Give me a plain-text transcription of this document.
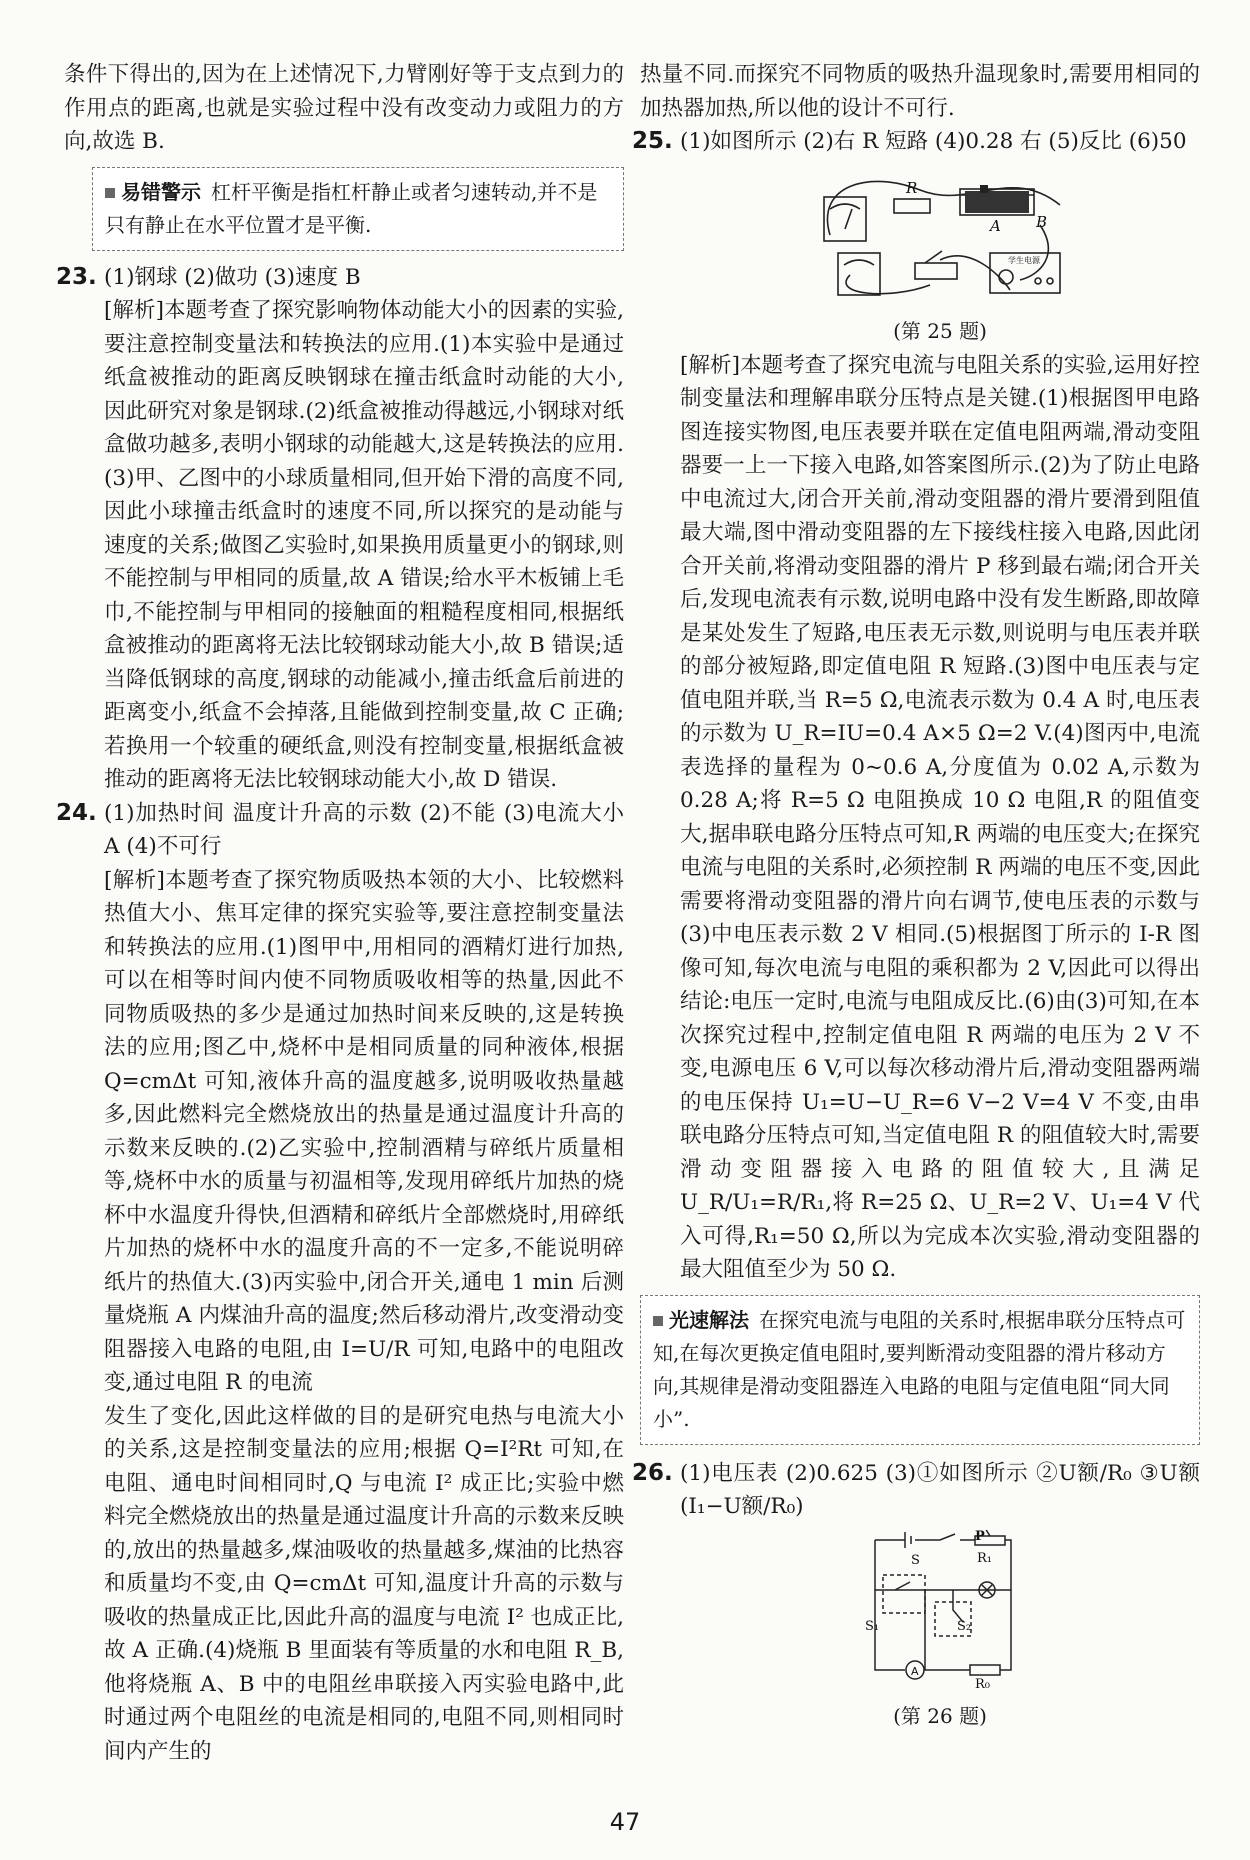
条件下得出的,因为在上述情况下,力臂刚好等于支点到力的作用点的距离,也就是实验过程中没有改变动力或阻力的方向,故选 B.

易错警示 杠杆平衡是指杠杆静止或者匀速转动,并不是只有静止在水平位置才是平衡.
23. (1)钢球 (2)做功 (3)速度 B

[解析]本题考查了探究影响物体动能大小的因素的实验,要注意控制变量法和转换法的应用.(1)本实验中是通过纸盒被推动的距离反映钢球在撞击纸盒时动能的大小,因此研究对象是钢球.(2)纸盒被推动得越远,小钢球对纸盒做功越多,表明小钢球的动能越大,这是转换法的应用.(3)甲、乙图中的小球质量相同,但开始下滑的高度不同,因此小球撞击纸盒时的速度不同,所以探究的是动能与速度的关系;做图乙实验时,如果换用质量更小的钢球,则不能控制与甲相同的质量,故 A 错误;给水平木板铺上毛巾,不能控制与甲相同的接触面的粗糙程度相同,根据纸盒被推动的距离将无法比较钢球动能大小,故 B 错误;适当降低钢球的高度,钢球的动能减小,撞击纸盒后前进的距离变小,纸盒不会掉落,且能做到控制变量,故 C 正确;若换用一个较重的硬纸盒,则没有控制变量,根据纸盒被推动的距离将无法比较钢球动能大小,故 D 错误.

24. (1)加热时间 温度计升高的示数 (2)不能 (3)电流大小 A (4)不可行

[解析]本题考查了探究物质吸热本领的大小、比较燃料热值大小、焦耳定律的探究实验等,要注意控制变量法和转换法的应用.(1)图甲中,用相同的酒精灯进行加热,可以在相等时间内使不同物质吸收相等的热量,因此不同物质吸热的多少是通过加热时间来反映的,这是转换法的应用;图乙中,烧杯中是相同质量的同种液体,根据 Q=cmΔt 可知,液体升高的温度越多,说明吸收热量越多,因此燃料完全燃烧放出的热量是通过温度计升高的示数来反映的.(2)乙实验中,控制酒精与碎纸片质量相等,烧杯中水的质量与初温相等,发现用碎纸片加热的烧杯中水温度升得快,但酒精和碎纸片全部燃烧时,用碎纸片加热的烧杯中水的温度升高的不一定多,不能说明碎纸片的热值大.(3)丙实验中,闭合开关,通电 1 min 后测量烧瓶 A 内煤油升高的温度;然后移动滑片,改变滑动变阻器接入电路的电阻,由 I=U/R 可知,电路中的电阻改变,通过电阻 R 的电流

发生了变化,因此这样做的目的是研究电热与电流大小的关系,这是控制变量法的应用;根据 Q=I²Rt 可知,在电阻、通电时间相同时,Q 与电流 I² 成正比;实验中燃料完全燃烧放出的热量是通过温度计升高的示数来反映的,放出的热量越多,煤油吸收的热量越多,煤油的比热容和质量均不变,由 Q=cmΔt 可知,温度计升高的示数与吸收的热量成正比,因此升高的温度与电流 I² 也成正比,故 A 正确.(4)烧瓶 B 里面装有等质量的水和电阻 R_B,他将烧瓶 A、B 中的电阻丝串联接入丙实验电路中,此时通过两个电阻丝的电流是相同的,电阻不同,则相同时间内产生的

热量不同.而探究不同物质的吸热升温现象时,需要用相同的加热器加热,所以他的设计不可行.

25. (1)如图所示 (2)右 R 短路 (4)0.28 右 (5)反比 (6)50

R
A B
学生电源
(第 25 题)

[解析]本题考查了探究电流与电阻关系的实验,运用好控制变量法和理解串联分压特点是关键.(1)根据图甲电路图连接实物图,电压表要并联在定值电阻两端,滑动变阻器要一上一下接入电路,如答案图所示.(2)为了防止电路中电流过大,闭合开关前,滑动变阻器的滑片要滑到阻值最大端,图中滑动变阻器的左下接线柱接入电路,因此闭合开关前,将滑动变阻器的滑片 P 移到最右端;闭合开关后,发现电流表有示数,说明电路中没有发生断路,即故障是某处发生了短路,电压表无示数,则说明与电压表并联的部分被短路,即定值电阻 R 短路.(3)图中电压表与定值电阻并联,当 R=5 Ω,电流表示数为 0.4 A 时,电压表的示数为 U_R=IU=0.4 A×5 Ω=2 V.(4)图丙中,电流表选择的量程为 0~0.6 A,分度值为 0.02 A,示数为 0.28 A;将 R=5 Ω 电阻换成 10 Ω 电阻,R 的阻值变大,据串联电路分压特点可知,R 两端的电压变大;在探究电流与电阻的关系时,必须控制 R 两端的电压不变,因此需要将滑动变阻器的滑片向右调节,使电压表的示数与(3)中电压表示数 2 V 相同.(5)根据图丁所示的 I-R 图像可知,每次电流与电阻的乘积都为 2 V,因此可以得出结论:电压一定时,电流与电阻成反比.(6)由(3)可知,在本次探究过程中,控制定值电阻 R 两端的电压为 2 V 不变,电源电压 6 V,可以每次移动滑片后,滑动变阻器两端的电压保持 U₁=U−U_R=6 V−2 V=4 V 不变,由串联电路分压特点可知,当定值电阻 R 的阻值较大时,需要滑动变阻器接入电路的阻值较大,且满足 U_R/U₁=R/R₁,将 R=25 Ω、U_R=2 V、U₁=4 V 代入可得,R₁=50 Ω,所以为完成本次实验,滑动变阻器的最大阻值至少为 50 Ω.

光速解法 在探究电流与电阻的关系时,根据串联分压特点可知,在每次更换定值电阻时,要判断滑动变阻器的滑片移动方向,其规律是滑动变阻器连入电路的电阻与定值电阻“同大同小”.
26. (1)电压表 (2)0.625 (3)①如图所示 ②U额/R₀ ③U额(I₁−U额/R₀)

S
P
R₁
S₁	S₂
A
R₀
(第 26 题)
47
